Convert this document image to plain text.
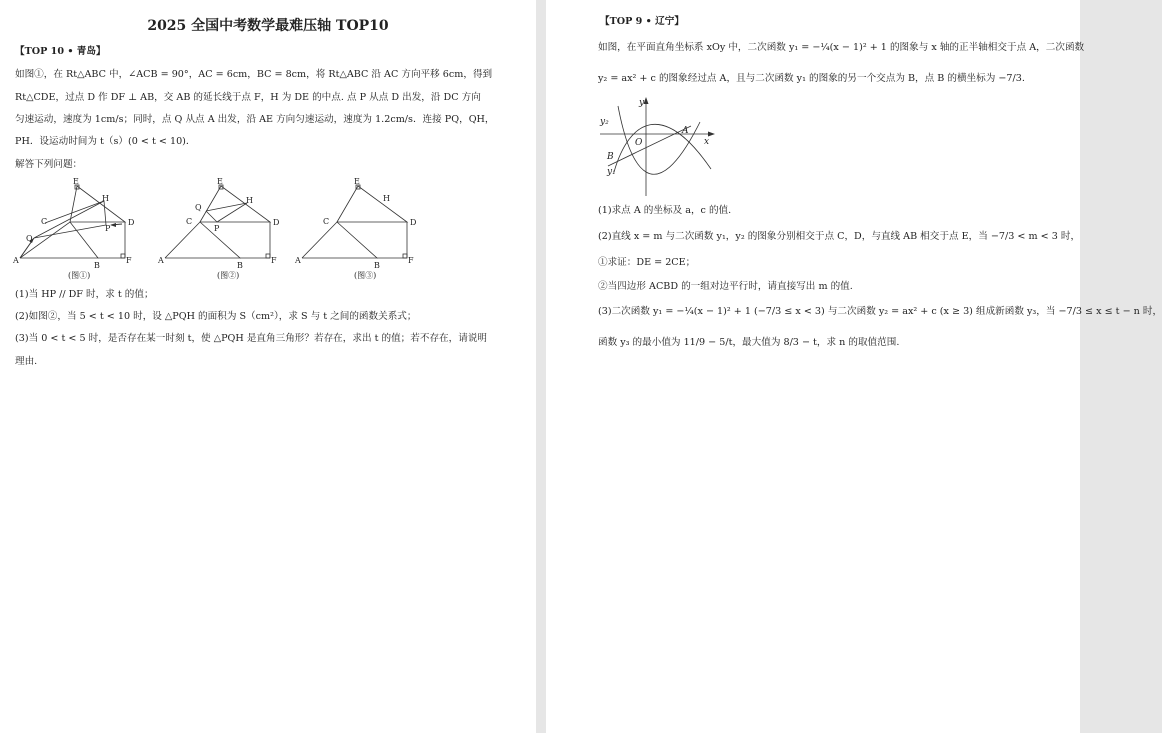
2025 全国中考数学最难压轴 TOP10
【TOP 10 • 青岛】
如图①，在 Rt△ABC 中，∠ACB = 90°，AC = 6cm，BC = 8cm，将 Rt△ABC 沿 AC 方向平移 6cm，得到
Rt△CDE，过点 D 作 DF ⊥ AB，交 AB 的延长线于点 F，H 为 DE 的中点. 点 P 从点 D 出发，沿 DC 方向
匀速运动，速度为 1cm/s；同时，点 Q 从点 A 出发，沿 AE 方向匀速运动，速度为 1.2cm/s．连接 PQ，QH，
PH．设运动时间为 t（s）(0 < t < 10)．
解答下列问题：
E
H
C	D
Q
P
A
B
F
(图①)
E
H
Q
C	D
P
A
B
F
(图②)
E
H
C	D
A
B
F
(图③)
(1)当 HP // DF 时，求 t 的值；
(2)如图②，当 5 < t < 10 时，设 △PQH 的面积为 S（cm²），求 S 与 t 之间的函数关系式；
(3)当 0 < t < 5 时，是否存在某一时刻 t，使 △PQH 是直角三角形？若存在，求出 t 的值；若不存在，请说明
理由.
【TOP 9 • 辽宁】
如图，在平面直角坐标系 xOy 中，二次函数 y₁ = −¼(x − 1)² + 1 的图象与 x 轴的正半轴相交于点 A，二次函数
y₂ = ax² + c 的图象经过点 A，且与二次函数 y₁ 的图象的另一个交点为 B，点 B 的横坐标为 −7/3.
y
x
y₂
y₁
O
A
B
(1)求点 A 的坐标及 a，c 的值.
(2)直线 x = m 与二次函数 y₁，y₂ 的图象分别相交于点 C，D，与直线 AB 相交于点 E，当 −7/3 < m < 3 时，
①求证：DE = 2CE；
②当四边形 ACBD 的一组对边平行时，请直接写出 m 的值.
(3)二次函数 y₁ = −¼(x − 1)² + 1 (−7/3 ≤ x < 3) 与二次函数 y₂ = ax² + c (x ≥ 3) 组成新函数 y₃，当 −7/3 ≤ x ≤ t − n 时，
函数 y₃ 的最小值为 11/9 − 5/t，最大值为 8/3 − t，求 n 的取值范围.
